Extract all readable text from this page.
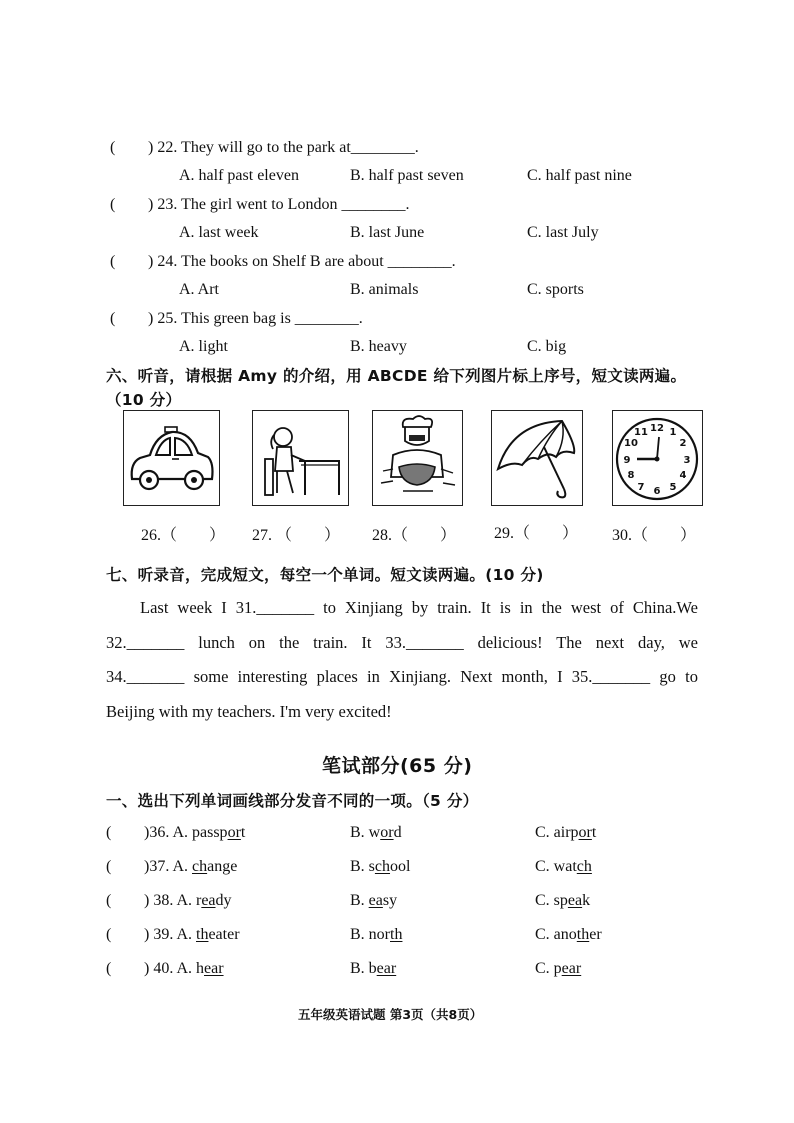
( ) 22. They will go to the park at________.
A. half past eleven	B. half past seven	C. half past nine
( ) 23. The girl went to London ________.
A. last week	B. last June	C. last July
( ) 24. The books on Shelf B are about ________.
A. Art	B. animals	C. sports
( ) 25. This green bag is ________.
A. light	B. heavy	C. big
六、听音，请根据 Amy 的介绍，用 ABCDE 给下列图片标上序号，短文读两遍。
（10 分）
12 1
2
3
4
5
6
7
8
9
10
11
26.（　　） 27. （　　） 28.（　　） 29.（　　） 30.（　　）
七、听录音，完成短文，每空一个单词。短文读两遍。(10 分)
Last week I 31._______ to Xinjiang by train. It is in the west of China.We
32._______ lunch on the train. It 33._______ delicious! The next day, we
34._______ some interesting places in Xinjiang. Next month, I 35._______ go to
Beijing with my teachers. I'm very excited!
笔试部分(65 分)
一、选出下列单词画线部分发音不同的一项。（5 分）
( )36. A. passport	B. word	C. airport
( )37. A. change	B. school	C. watch
( ) 38. A. ready	B. easy	C. speak
( ) 39. A. theater	B. north	C. another
( ) 40. A. hear	B. bear	C. pear
五年级英语试题 第3页（共8页）
